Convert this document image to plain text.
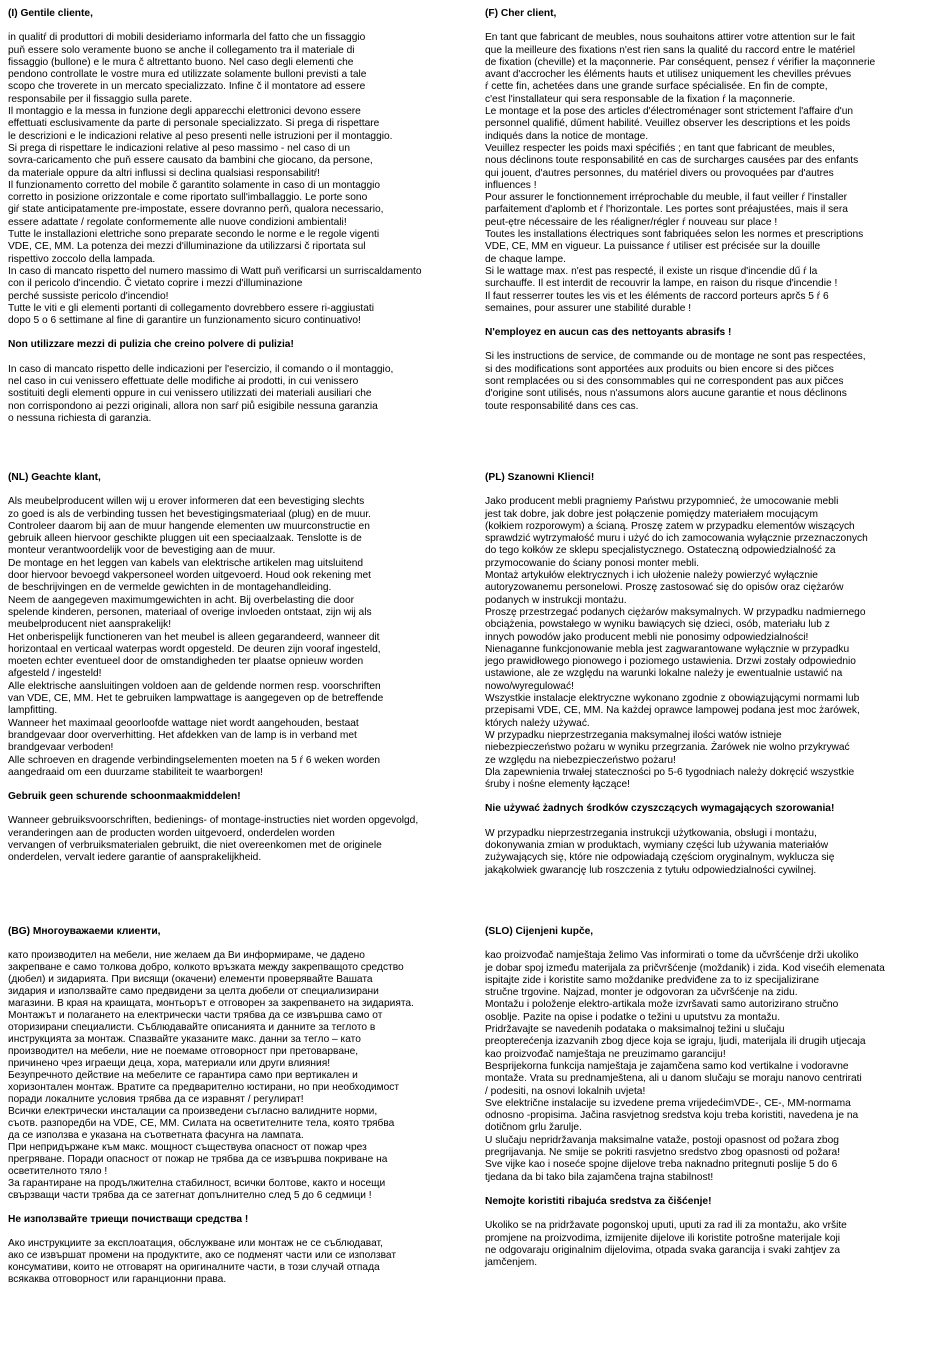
(I) Gentile cliente,

in qualitŕ di produttori di mobili desideriamo informarla del fatto che un fissaggio
puň essere solo veramente buono se anche il collegamento tra il materiale di
fissaggio (bullone) e le mura č altrettanto buono. Nel caso degli elementi che
pendono controllate le vostre mura ed utilizzate solamente bulloni previsti a tale
scopo che troverete in un mercato specializzato. Infine č il montatore ad essere
responsabile per il fissaggio sulla parete.
Il montaggio e la messa in funzione degli apparecchi elettronici devono essere
effettuati esclusivamente da parte di personale specializzato. Si prega di rispettare
le descrizioni e le indicazioni relative al peso presenti nelle istruzioni per il montaggio.
Si prega di rispettare le indicazioni relative al peso massimo - nel caso di un
sovra-caricamento che puň essere causato da bambini che giocano, da persone,
da materiale oppure da altri influssi si declina qualsiasi responsabilitŕ!
Il funzionamento corretto del mobile č garantito solamente in caso di un montaggio
corretto in posizione orizzontale e come riportato sull'imballaggio. Le porte sono
giŕ state anticipatamente pre-impostate, essere dovranno perň, qualora necessario,
essere adattate / regolate conformemente alle nuove condizioni ambientali!
Tutte le installazioni elettriche sono preparate secondo le norme e le regole vigenti
VDE, CE, MM. La potenza dei mezzi d'illuminazione da utilizzarsi č riportata sul
rispettivo zoccolo della lampada.
In caso di mancato rispetto del numero massimo di Watt puň verificarsi un surriscaldamento
con il pericolo d'incendio. Č vietato coprire i mezzi d'illuminazione
perché sussiste pericolo d'incendio!
Tutte le viti e gli elementi portanti di collegamento dovrebbero essere ri-aggiustati
dopo 5 o 6 settimane al fine di garantire un funzionamento sicuro continuativo!

Non utilizzare mezzi di pulizia che creino polvere di pulizia!

In caso di mancato rispetto delle indicazioni per l'esercizio, il comando o il montaggio,
nel caso in cui venissero effettuate delle modifiche ai prodotti, in cui venissero
sostituiti degli elementi oppure in cui venissero utilizzati dei materiali ausiliari che
non corrispondono ai pezzi originali, allora non sarŕ piů esigibile nessuna garanzia
o nessuna richiesta di garanzia.

(F) Cher client,

En tant que fabricant de meubles, nous souhaitons attirer votre attention sur le fait
que la meilleure des fixations n'est rien sans la qualité du raccord entre le matériel
de fixation (cheville) et la maçonnerie. Par conséquent, pensez ŕ vérifier la maçonnerie
avant d'accrocher les éléments hauts et utilisez uniquement les chevilles prévues
ŕ cette fin, achetées dans une grande surface spécialisée. En fin de compte,
c'est l'installateur qui sera responsable de la fixation ŕ la maçonnerie.
Le montage et la pose des articles d'électroménager sont strictement l'affaire d'un
personnel qualifié, dűment habilité. Veuillez observer les descriptions et les poids
indiqués dans la notice de montage.
Veuillez respecter les poids maxi spécifiés ; en tant que fabricant de meubles,
nous déclinons toute responsabilité en cas de surcharges causées par des enfants
qui jouent, d'autres personnes, du matériel divers ou provoquées par d'autres
influences !
Pour assurer le fonctionnement irréprochable du meuble, il faut veiller ŕ l'installer
parfaitement d'aplomb et ŕ l'horizontale. Les portes sont préajustées, mais il sera
peut-ętre nécessaire de les réaligner/régler ŕ nouveau sur place !
Toutes les installations électriques sont fabriquées selon les normes et prescriptions
VDE, CE, MM en vigueur. La puissance ŕ utiliser est précisée sur la douille
de chaque lampe.
Si le wattage max. n'est pas respecté, il existe un risque d'incendie dű ŕ la
surchauffe. Il est interdit de recouvrir la lampe, en raison du risque d'incendie !
Il faut resserrer toutes les vis et les éléments de raccord porteurs aprčs 5 ŕ 6
semaines, pour assurer une stabilité durable !

N'employez en aucun cas des nettoyants abrasifs !

Si les instructions de service, de commande ou de montage ne sont pas respectées,
si des modifications sont apportées aux produits ou bien encore si des pičces
sont remplacées ou si des consommables qui ne correspondent pas aux pičces
d'origine sont utilisés, nous n'assumons alors aucune garantie et nous déclinons
toute responsabilité dans ces cas.

(NL) Geachte klant,

Als meubelproducent willen wij u erover informeren dat een bevestiging slechts
zo goed is als de verbinding tussen het bevestigingsmateriaal (plug) en de muur.
Controleer daarom bij aan de muur hangende elementen uw muurconstructie en
gebruik alleen hiervoor geschikte pluggen uit een speciaalzaak. Tenslotte is de
monteur verantwoordelijk voor de bevestiging aan de muur.
De montage en het leggen van kabels van elektrische artikelen mag uitsluitend
door hiervoor bevoegd vakpersoneel worden uitgevoerd. Houd ook rekening met
de beschrijvingen en de vermelde gewichten in de montagehandleiding.
Neem de aangegeven maximumgewichten in acht. Bij overbelasting die door
spelende kinderen, personen, materiaal of overige invloeden ontstaat, zijn wij als
meubelproducent niet aansprakelijk!
Het onberispelijk functioneren van het meubel is alleen gegarandeerd, wanneer dit
horizontaal en verticaal waterpas wordt opgesteld. De deuren zijn vooraf ingesteld,
moeten echter eventueel door de omstandigheden ter plaatse opnieuw worden
afgesteld / ingesteld!
Alle elektrische aansluitingen voldoen aan de geldende normen resp. voorschriften
van VDE, CE, MM. Het te gebruiken lampwattage is aangegeven op de betreffende
lampfitting.
Wanneer het maximaal geoorloofde wattage niet wordt aangehouden, bestaat
brandgevaar door oververhitting. Het afdekken van de lamp is in verband met
brandgevaar verboden!
Alle schroeven en dragende verbindingselementen moeten na 5 ŕ 6 weken worden
aangedraaid om een duurzame stabiliteit te waarborgen!

Gebruik geen schurende schoonmaakmiddelen!

Wanneer gebruiksvoorschriften, bedienings- of montage-instructies niet worden opgevolgd,
veranderingen aan de producten worden uitgevoerd, onderdelen worden
vervangen of verbruiksmaterialen gebruikt, die niet overeenkomen met de originele
onderdelen, vervalt iedere garantie of aansprakelijkheid.

(PL) Szanowni Klienci!

Jako producent mebli pragniemy Państwu przypomnieć, że umocowanie mebli
jest tak dobre, jak dobre jest połączenie pomiędzy materiałem mocującym
(kołkiem rozporowym) a ścianą. Proszę zatem w przypadku elementów wiszących
sprawdzić wytrzymałość muru i użyć do ich zamocowania wyłącznie przeznaczonych
do tego kołków ze sklepu specjalistycznego. Ostateczną odpowiedzialność za
przymocowanie do ściany ponosi monter mebli.
Montaż artykułów elektrycznych i ich ułożenie należy powierzyć wyłącznie
autoryzowanemu personelowi. Proszę zastosować się do opisów oraz ciężarów
podanych w instrukcji montażu.
Proszę przestrzegać podanych ciężarów maksymalnych. W przypadku nadmiernego
obciążenia, powstałego w wyniku bawiących się dzieci, osób, materiału lub z
innych powodów jako producent mebli nie ponosimy odpowiedzialności!
Nienaganne funkcjonowanie mebla jest zagwarantowane wyłącznie w przypadku
jego prawidłowego pionowego i poziomego ustawienia. Drzwi zostały odpowiednio
ustawione, ale ze względu na warunki lokalne należy je ewentualnie ustawić na
nowo/wyregulować!
Wszystkie instalacje elektryczne wykonano zgodnie z obowiązującymi normami lub
przepisami VDE, CE, MM. Na każdej oprawce lampowej podana jest moc żarówek,
których należy używać.
W przypadku nieprzestrzegania maksymalnej ilości watów istnieje
niebezpieczeństwo pożaru w wyniku przegrzania. Żarówek nie wolno przykrywać
ze względu na niebezpieczeństwo pożaru!
Dla zapewnienia trwałej stateczności po 5-6 tygodniach należy dokręcić wszystkie
śruby i nośne elementy łączące!

Nie używać żadnych środków czyszczących wymagających szorowania!

W przypadku nieprzestrzegania instrukcji użytkowania, obsługi i montażu,
dokonywania zmian w produktach, wymiany części lub używania materiałów
zużywających się, które nie odpowiadają częściom oryginalnym, wyklucza się
jakąkolwiek gwarancję lub roszczenia z tytułu odpowiedzialności cywilnej.

(BG) Многоуважаеми клиенти,

като производител на мебели, ние желаем да Ви информираме, че дадено
закрепване е само толкова добро, колкото връзката между закрепващото средство
(дюбел) и зидарията. При висящи (окачени) елементи проверявайте Вашата
зидария и използвайте само предвидени за целта дюбели от специализирани
магазини. В края на краищата, монтьорът е отговорен за закрепването на зидарията.
Монтажът и полагането на електрически части трябва да се извършва само от
оторизирани специалисти. Съблюдавайте описанията и данните за теглото в
инструкцията за монтаж. Спазвайте указаните макс. данни за тегло – като
производител на мебели, ние не поемаме отговорност при претоварване,
причинено чрез играещи деца, хора, материали или други влияния!
Безупречното действие на мебелите се гарантира само при вертикален и
хоризонтален монтаж. Вратите са предварително юстирани, но при необходимост
поради локалните условия трябва да се изравнят / регулират!
Всички електрически инсталации са произведени съгласно валидните норми,
съотв. разпоредби на VDE, CE, MM. Силата на осветителните тела, която трябва
да се използва е указана на съответната фасунга на лампата.
При непридържане към макс. мощност съществува опасност от пожар чрез
прегряване. Поради опасност от пожар не трябва да се извършва покриване на
осветителното тяло !
За гарантиране на продължителна стабилност, всички болтове, както и носещи
свързващи части трябва да се затегнат допълнително след 5 до 6 седмици !

Не използвайте триещи почистващи средства !

Ако инструкциите за експлоатация, обслужване или монтаж не се съблюдават,
ако се извършат промени на продуктите, ако се подменят части или се използват
консумативи, които не отговарят на оригиналните части, в този случай отпада
всякаква отговорност или гаранционни права.

(SLO) Cijenjeni kupče,

kao proizvođač namještaja želimo Vas informirati o tome da učvršćenje drži ukoliko
je dobar spoj između materijala za pričvršćenje (moždanik) i zida. Kod visećih elemenata
ispitajte zide i koristite samo moždanike predviđene za to iz specijalizirane
stručne trgovine. Najzad, monter je odgovoran za učvršćenje na zidu.
Montažu i položenje elektro-artikala može izvršavati samo autorizirano stručno
osoblje. Pazite na opise i podatke o težini u uputstvu za montažu.
Pridržavajte se navedenih podataka o maksimalnoj težini u slučaju
preopterećenja izazvanih zbog djece koja se igraju, ljudi, materijala ili drugih utjecaja
kao proizvođač namještaja ne preuzimamo garanciju!
Besprijekorna funkcija namještaja je zajamčena samo kod vertikalne i vodoravne
montaže. Vrata su prednamještena, ali u danom slučaju se moraju nanovo centrirati
/ podesiti, na osnovi lokalnih uvjeta!
Sve električne instalacije su izvedene prema vrijedećimVDE-, CE-, MM-normama
odnosno -propisima. Jačina rasvjetnog sredstva koju treba koristiti, navedena je na
dotičnom grlu žarulje.
U slučaju nepridržavanja maksimalne vataže, postoji opasnost od požara zbog
pregrijavanja. Ne smije se pokriti rasvjetno sredstvo zbog opasnosti od požara!
Sve vijke kao i noseće spojne dijelove treba naknadno pritegnuti poslije 5 do 6
tjedana da bi tako bila zajamčena trajna stabilnost!

Nemojte koristiti ribajuća sredstva za čišćenje!

Ukoliko se na pridržavate pogonskoj uputi, uputi za rad ili za montažu, ako vršite
promjene na proizvodima, izmijenite dijelove ili koristite potrošne materijale koji
ne odgovaraju originalnim dijelovima, otpada svaka garancija i svaki zahtjev za
jamčenjem.
